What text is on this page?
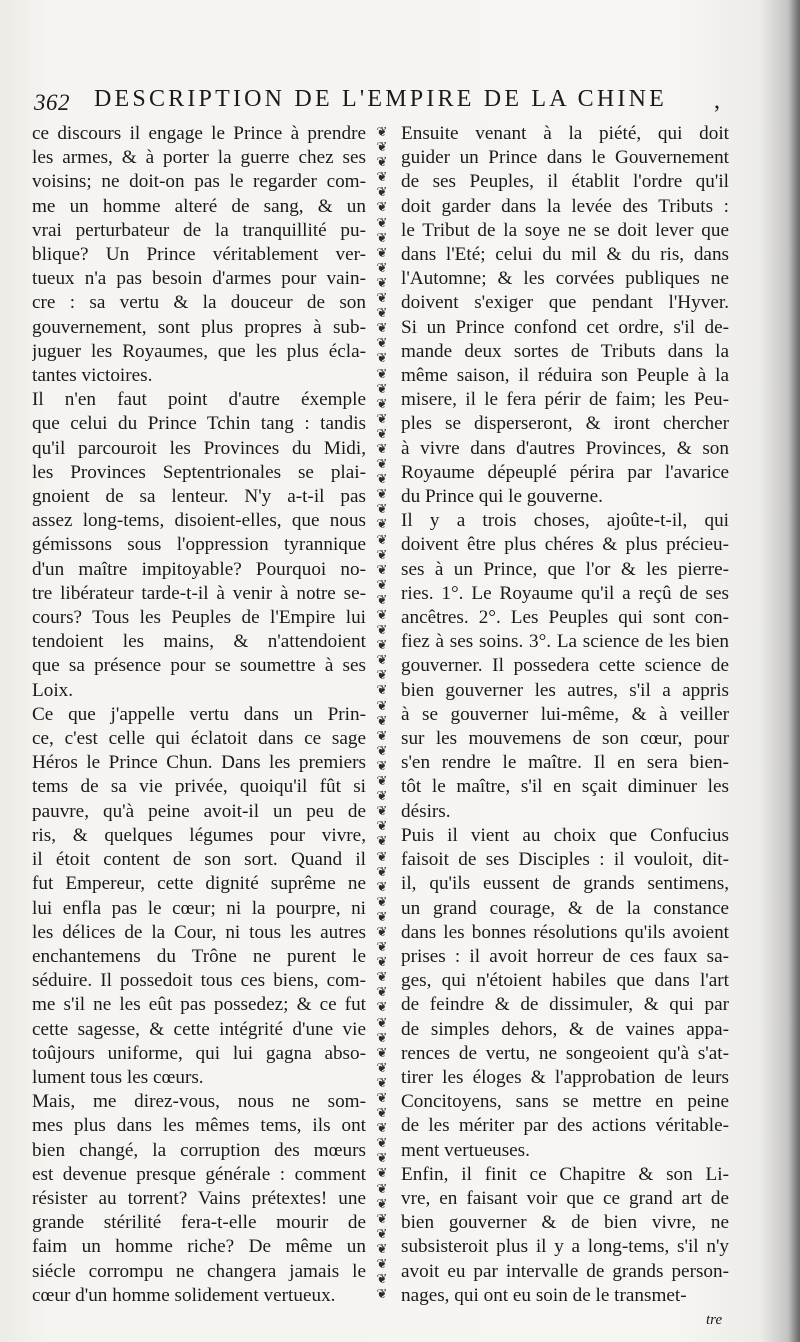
362 DESCRIPTION DE L'EMPIRE DE LA CHINE ,
ce discours il engage le Prince à prendre
les armes, & à porter la guerre chez ses
voisins; ne doit-on pas le regarder com-
me un homme alteré de sang, & un
vrai perturbateur de la tranquillité pu-
blique? Un Prince véritablement ver-
tueux n'a pas besoin d'armes pour vain-
cre : sa vertu & la douceur de son
gouvernement, sont plus propres à sub-
juguer les Royaumes, que les plus écla-
tantes victoires.
Il n'en faut point d'autre éxemple
que celui du Prince Tchin tang : tandis
qu'il parcouroit les Provinces du Midi,
les Provinces Septentrionales se plai-
gnoient de sa lenteur. N'y a-t-il pas
assez long-tems, disoient-elles, que nous
gémissons sous l'oppression tyrannique
d'un maître impitoyable? Pourquoi no-
tre libérateur tarde-t-il à venir à notre se-
cours? Tous les Peuples de l'Empire lui
tendoient les mains, & n'attendoient
que sa présence pour se soumettre à ses
Loix.
Ce que j'appelle vertu dans un Prin-
ce, c'est celle qui éclatoit dans ce sage
Héros le Prince Chun. Dans les premiers
tems de sa vie privée, quoiqu'il fût si
pauvre, qu'à peine avoit-il un peu de
ris, & quelques légumes pour vivre,
il étoit content de son sort. Quand il
fut Empereur, cette dignité suprême ne
lui enfla pas le cœur; ni la pourpre, ni
les délices de la Cour, ni tous les autres
enchantemens du Trône ne purent le
séduire. Il possedoit tous ces biens, com-
me s'il ne les eût pas possedez; & ce fut
cette sagesse, & cette intégrité d'une vie
toûjours uniforme, qui lui gagna abso-
lument tous les cœurs.
Mais, me direz-vous, nous ne som-
mes plus dans les mêmes tems, ils ont
bien changé, la corruption des mœurs
est devenue presque générale : comment
résister au torrent? Vains prétextes! une
grande stérilité fera-t-elle mourir de
faim un homme riche? De même un
siécle corrompu ne changera jamais le
cœur d'un homme solidement vertueux.
❦
❦
❦
❦
❦
❦
❦
❦
❦
❦
❦
❦
❦
❦
❦
❦
❦
❦
❦
❦
❦
❦
❦
❦
❦
❦
❦
❦
❦
❦
❦
❦
❦
❦
❦
❦
❦
❦
❦
❦
❦
❦
❦
❦
❦
❦
❦
❦
❦
❦
❦
❦
❦
❦
❦
❦
❦
❦
❦
❦
❦
❦
❦
❦
❦
❦
❦
❦
❦
❦
❦
❦
❦
❦
❦
❦
❦
❦
Ensuite venant à la piété, qui doit
guider un Prince dans le Gouvernement
de ses Peuples, il établit l'ordre qu'il
doit garder dans la levée des Tributs :
le Tribut de la soye ne se doit lever que
dans l'Eté; celui du mil & du ris, dans
l'Automne; & les corvées publiques ne
doivent s'exiger que pendant l'Hyver.
Si un Prince confond cet ordre, s'il de-
mande deux sortes de Tributs dans la
même saison, il réduira son Peuple à la
misere, il le fera périr de faim; les Peu-
ples se disperseront, & iront chercher
à vivre dans d'autres Provinces, & son
Royaume dépeuplé périra par l'avarice
du Prince qui le gouverne.
Il y a trois choses, ajoûte-t-il, qui
doivent être plus chéres & plus précieu-
ses à un Prince, que l'or & les pierre-
ries. 1°. Le Royaume qu'il a reçû de ses
ancêtres. 2°. Les Peuples qui sont con-
fiez à ses soins. 3°. La science de les bien
gouverner. Il possedera cette science de
bien gouverner les autres, s'il a appris
à se gouverner lui-même, & à veiller
sur les mouvemens de son cœur, pour
s'en rendre le maître. Il en sera bien-
tôt le maître, s'il en sçait diminuer les
désirs.
Puis il vient au choix que Confucius
faisoit de ses Disciples : il vouloit, dit-
il, qu'ils eussent de grands sentimens,
un grand courage, & de la constance
dans les bonnes résolutions qu'ils avoient
prises : il avoit horreur de ces faux sa-
ges, qui n'étoient habiles que dans l'art
de feindre & de dissimuler, & qui par
de simples dehors, & de vaines appa-
rences de vertu, ne songeoient qu'à s'at-
tirer les éloges & l'approbation de leurs
Concitoyens, sans se mettre en peine
de les mériter par des actions véritable-
ment vertueuses.
Enfin, il finit ce Chapitre & son Li-
vre, en faisant voir que ce grand art de
bien gouverner & de bien vivre, ne
subsisteroit plus il y a long-tems, s'il n'y
avoit eu par intervalle de grands person-
nages, qui ont eu soin de le transmet-
tre
